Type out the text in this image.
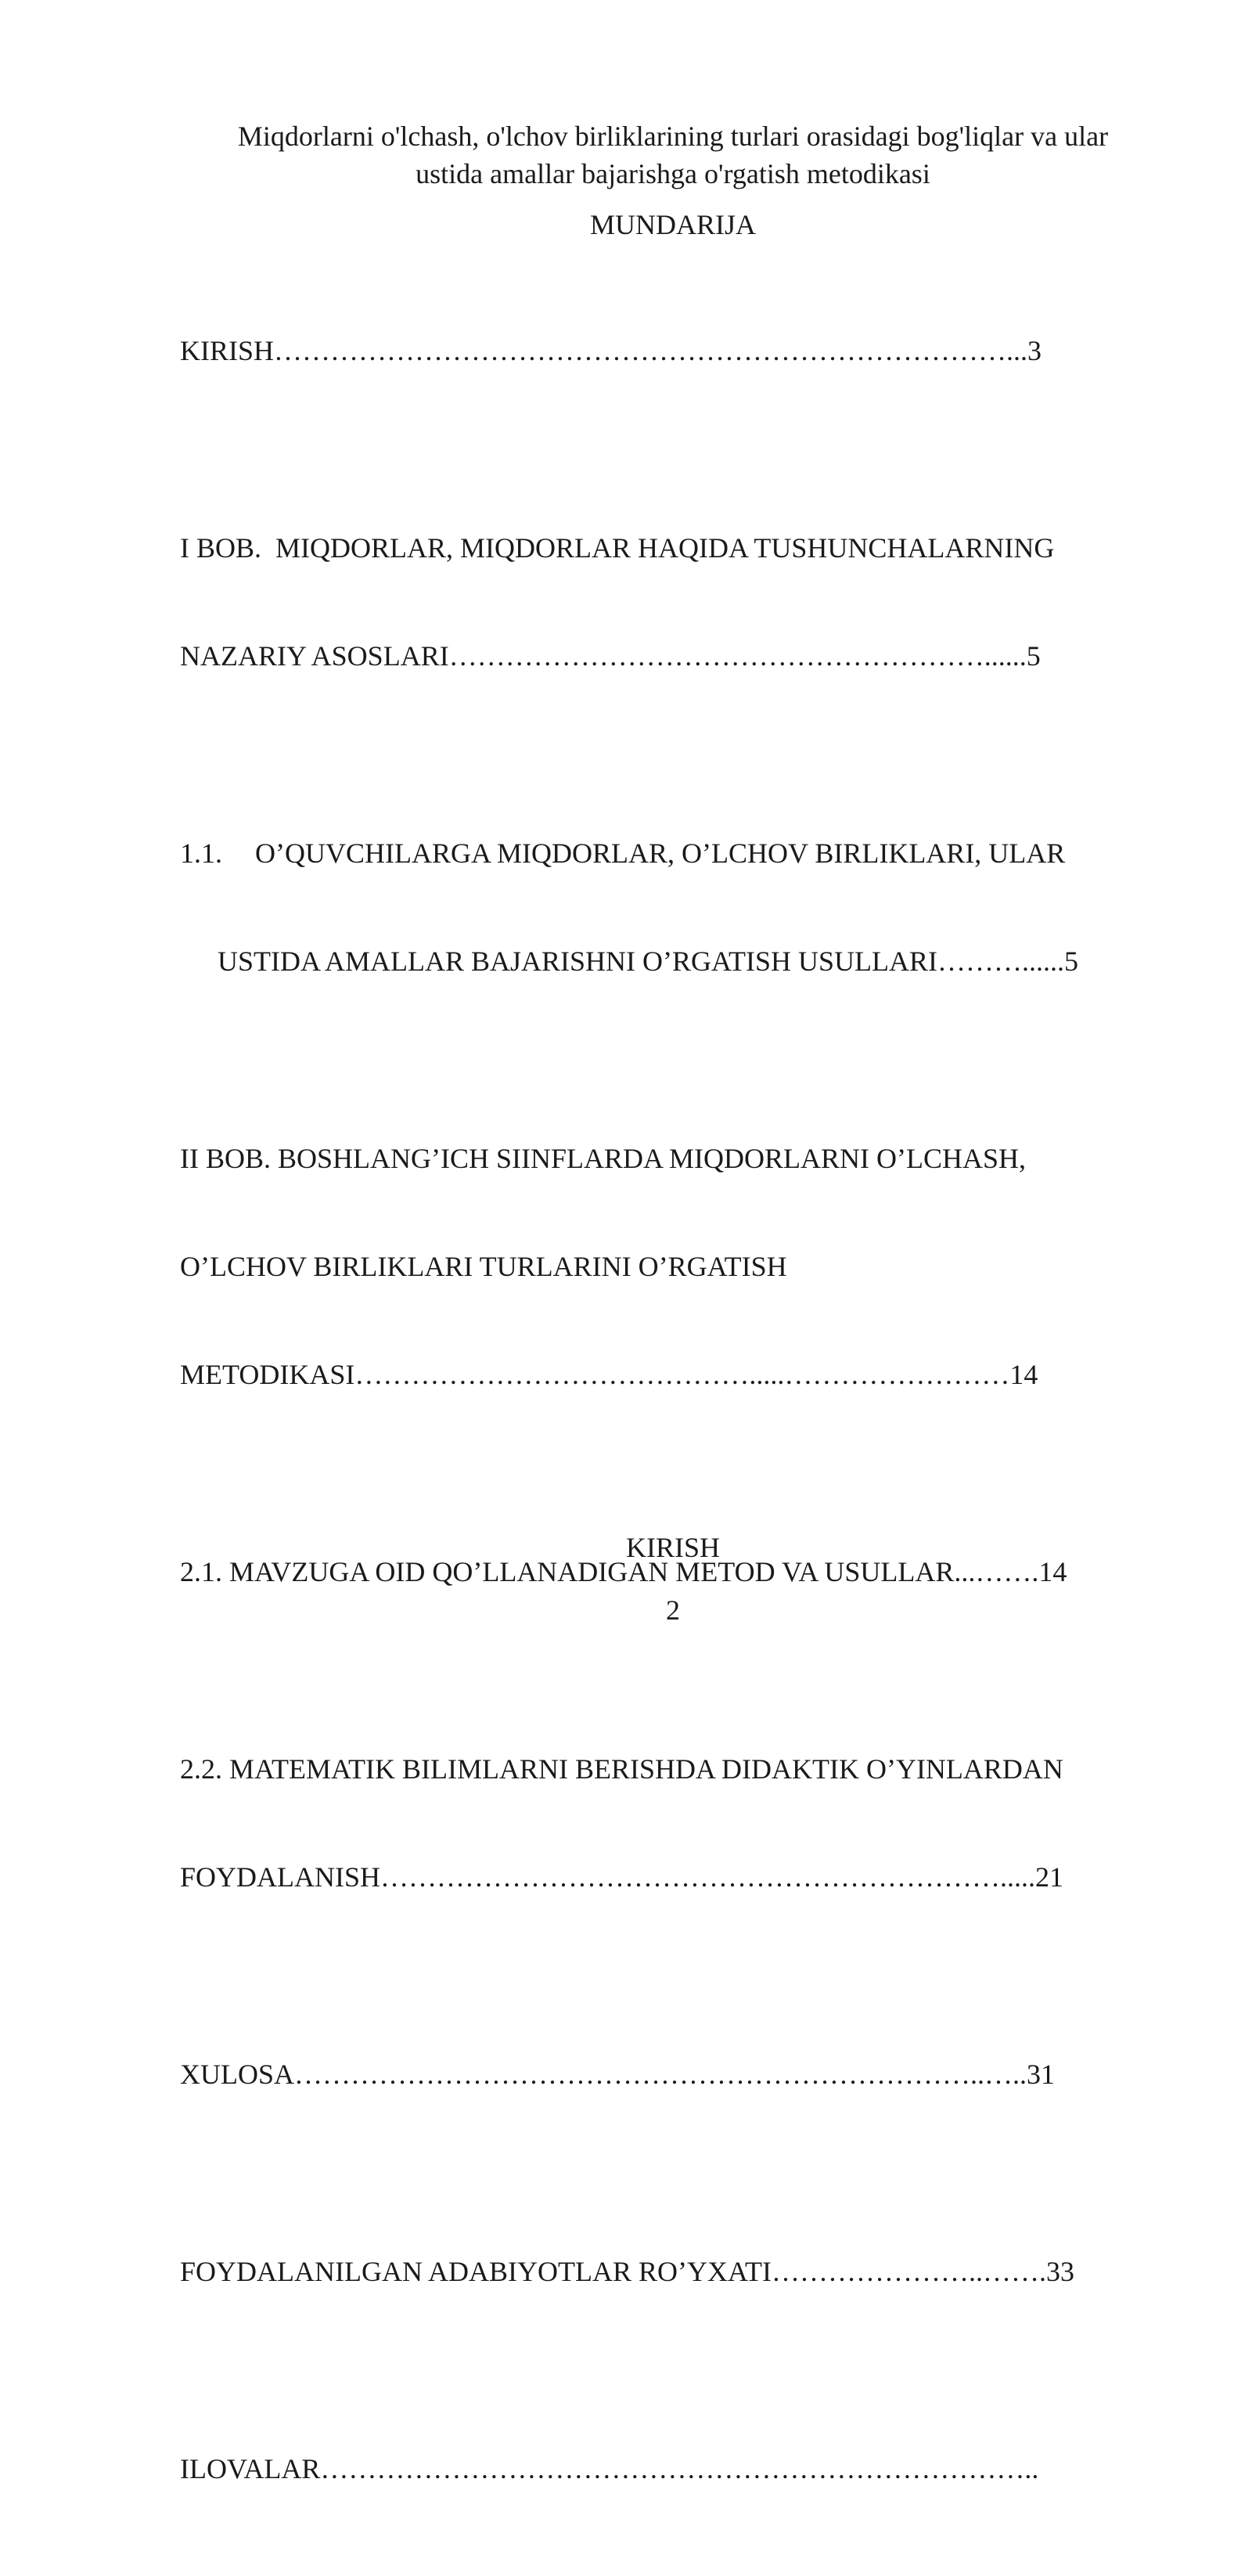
Miqdorlarni o'lchash, o'lchov birliklarining turlari orasidagi bog'liqlar va ular
ustida amallar bajarishga o'rgatish metodikasi
MUNDARIJA

KIRISH……………………………………………………………………...3

I BOB.  MIQDORLAR, MIQDORLAR HAQIDA TUSHUNCHALARNING

NAZARIY ASOSLARI…………………………………………………......5

1.1. O’QUVCHILARGA MIQDORLAR, O’LCHOV BIRLIKLARI, ULAR

USTIDA AMALLAR BAJARISHNI O’RGATISH USULLARI………......5

II BOB. BOSHLANG’ICH SIINFLARDA MIQDORLARNI O’LCHASH,

O’LCHOV BIRLIKLARI TURLARINI O’RGATISH

METODIKASI…………………………………….....……………………14

2.1. MAVZUGA OID QO’LLANADIGAN METOD VA USULLAR...…….14

2.2. MATEMATIK BILIMLARNI BERISHDA DIDAKTIK O’YINLARDAN

FOYDALANISH………………………………………………………….....21

XULOSA………………………………………………………………..…..31

FOYDALANILGAN ADABIYOTLAR RO’YXATI…………………..…….33

ILOVALAR…………………………………………………………………..

KIRISH
2
